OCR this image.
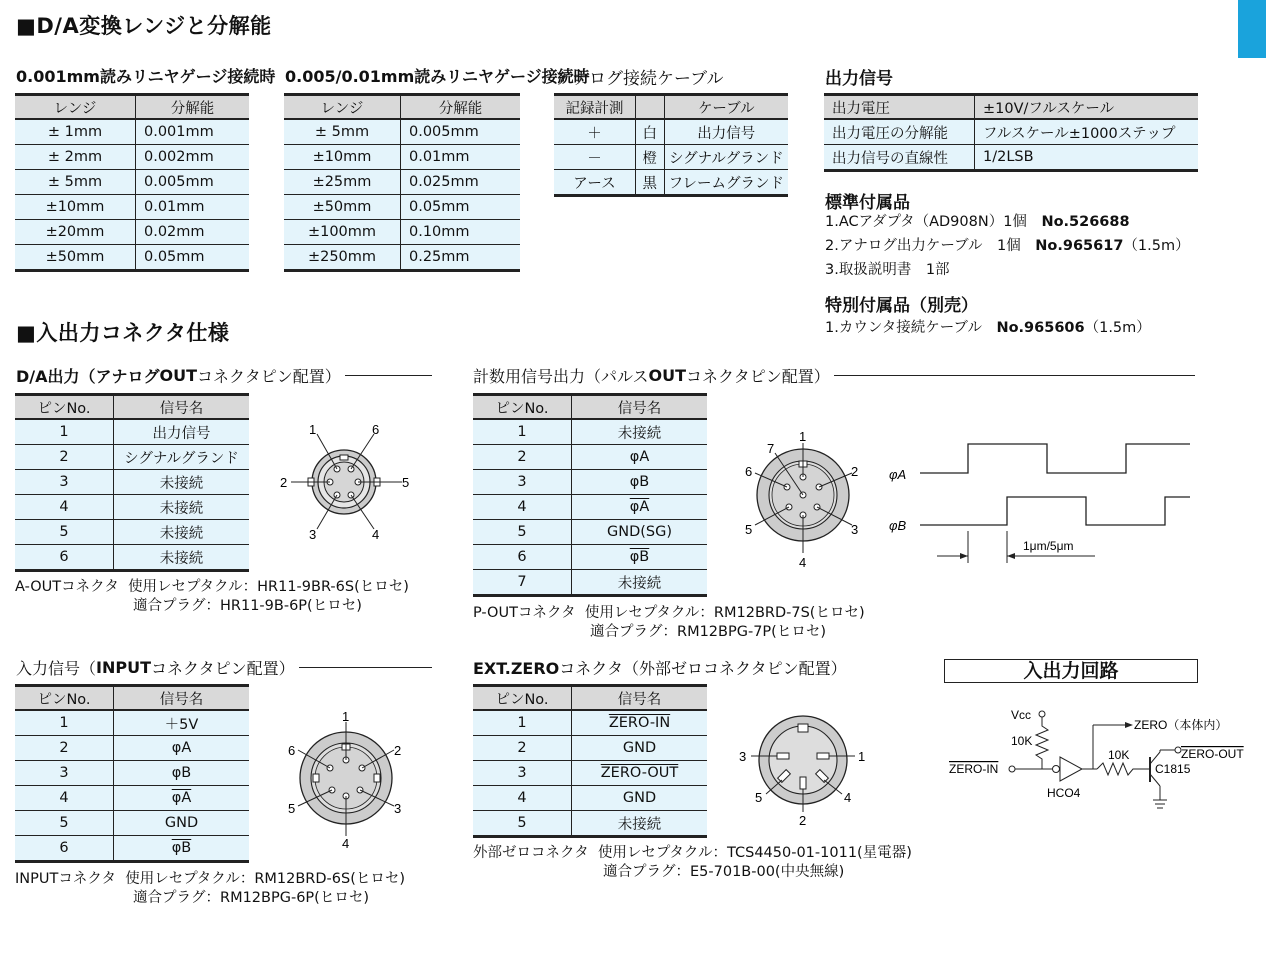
■D/A変換レンジと分解能
0.001mm読みリニヤゲージ接続時
レンジ	分解能
± 1mm	0.001mm
± 2mm	0.002mm
± 5mm	0.005mm
±10mm	0.01mm
±20mm	0.02mm
±50mm	0.05mm
0.005/0.01mm読みリニヤゲージ接続時
レンジ	分解能
± 5mm	0.005mm
±10mm	0.01mm
±25mm	0.025mm
±50mm	0.05mm
±100mm	0.10mm
±250mm	0.25mm
アナログ接続ケーブル
記録計測		ケーブル
＋	白	出力信号
－	橙	シグナルグランド
アース	黒	フレームグランド
出力信号
出力電圧	±10V/フルスケール
出力電圧の分解能	フルスケール±1000ステップ
出力信号の直線性	1/2LSB
標準付属品
1.ACアダプタ（AD908N）1個　 No.526688
2.アナログ出力ケーブル　1個　 No.965617（1.5m）
3.取扱説明書　1部
特別付属品（別売）
1.カウンタ接続ケーブル　 No.965606（1.5m）
■入出力コネクタ仕様
D/A出力（アナログ OUT コネクタピン配置）
ピンNo.	信号名
1	出力信号
2	シグナルグランド
3	未接続
4	未接続
5	未接続
6	未接続
A-OUTコネクタ 使用レセプタクル：HR11-9BR-6S(ヒロセ)
適合プラグ：HR11-9B-6P(ヒロセ)
1	6
2	5
3	4
計数用信号出力（パルス OUT コネクタピン配置）
ピンNo.	信号名
1	未接続
2	φA
3	φB
4	$\overline{\varphi A}$
5	GND(SG)
6	$\overline{\varphi B}$
7	未接続
P-OUTコネクタ 使用レセプタクル：RM12BRD-7S(ヒロセ)
適合プラグ：RM12BPG-7P(ヒロセ)
1
2
3
4
5
6
7
φA
φB
1μm/5μm
入力信号（ INPUT コネクタピン配置）
ピンNo.	信号名
1	＋5V
2	φA
3	φB
4	$\overline{\varphi A}$
5	GND
6	$\overline{\varphi B}$
INPUTコネクタ 使用レセプタクル：RM12BRD-6S(ヒロセ)
適合プラグ：RM12BPG-6P(ヒロセ)
1
2
3
4
5
6
EXT.ZEROコネクタ（外部ゼロコネクタピン配置）
ピンNo.	信号名
1	ZERO-IN
2	GND
3	ZERO-OUT
4	GND
5	未接続
外部ゼロコネクタ 使用レセプタクル：TCS4450-01-1011(星電器)
適合プラグ：E5-701B-00(中央無線)
1
2
3
4
5
入出力回路
Vcc
10K
ZERO-IN
HCO4
ZERO（本体内）
10K	ZERO-OUT
C1815
